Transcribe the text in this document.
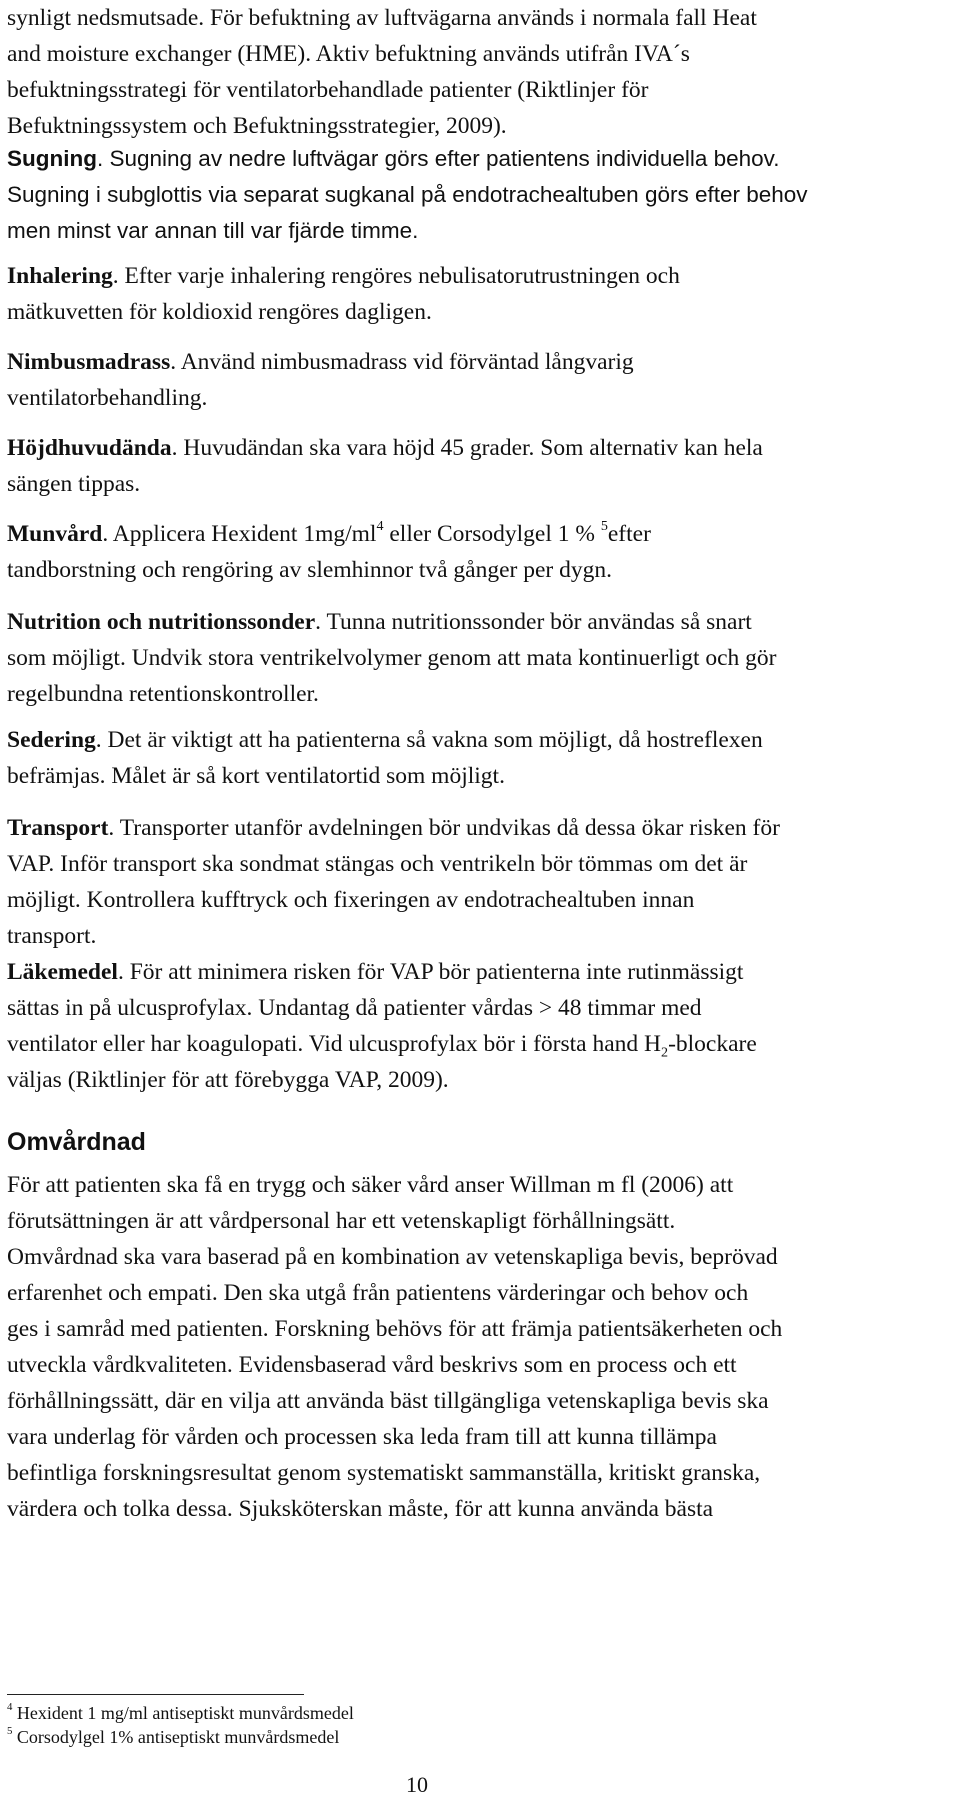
synligt nedsmutsade. För befuktning av luftvägarna används i normala fall Heat
and moisture exchanger (HME). Aktiv befuktning används utifrån IVA´s
befuktningsstrategi för ventilatorbehandlade patienter (Riktlinjer för
Befuktningssystem och Befuktningsstrategier, 2009).
Sugning. Sugning av nedre luftvägar görs efter patientens individuella behov.
Sugning i subglottis via separat sugkanal på endotrachealtuben görs efter behov
men minst var annan till var fjärde timme.
Inhalering. Efter varje inhalering rengöres nebulisatorutrustningen och
mätkuvetten för koldioxid rengöres dagligen.
Nimbusmadrass. Använd nimbusmadrass vid förväntad långvarig
ventilatorbehandling.
Höjdhuvudända. Huvudändan ska vara höjd 45 grader. Som alternativ kan hela
sängen tippas.
Munvård. Applicera Hexident $1mg/ml^4$ eller Corsodylgel 1 % $^5$efter
tandborstning och rengöring av slemhinnor två gånger per dygn.
Nutrition och nutritionssonder. Tunna nutritionssonder bör användas så snart
som möjligt. Undvik stora ventrikelvolymer genom att mata kontinuerligt och gör
regelbundna retentionskontroller.
Sedering. Det är viktigt att ha patienterna så vakna som möjligt, då hostreflexen
befrämjas. Målet är så kort ventilatortid som möjligt.
Transport. Transporter utanför avdelningen bör undvikas då dessa ökar risken för
VAP. Inför transport ska sondmat stängas och ventrikeln bör tömmas om det är
möjligt. Kontrollera kufftryck och fixeringen av endotrachealtuben innan
transport.
Läkemedel. För att minimera risken för VAP bör patienterna inte rutinmässigt
sättas in på ulcusprofylax. Undantag då patienter vårdas > 48 timmar med
ventilator eller har koagulopati. Vid ulcusprofylax bör i första hand $H_2$-blockare
väljas (Riktlinjer för att förebygga VAP, 2009).
Omvårdnad
För att patienten ska få en trygg och säker vård anser Willman m fl (2006) att
förutsättningen är att vårdpersonal har ett vetenskapligt förhållningsätt.
Omvårdnad ska vara baserad på en kombination av vetenskapliga bevis, beprövad
erfarenhet och empati. Den ska utgå från patientens värderingar och behov och
ges i samråd med patienten. Forskning behövs för att främja patientsäkerheten och
utveckla vårdkvaliteten. Evidensbaserad vård beskrivs som en process och ett
förhållningssätt, där en vilja att använda bäst tillgängliga vetenskapliga bevis ska
vara underlag för vården och processen ska leda fram till att kunna tillämpa
befintliga forskningsresultat genom systematiskt sammanställa, kritiskt granska,
värdera och tolka dessa. Sjuksköterskan måste, för att kunna använda bästa
$^4$ Hexident 1 mg/ml antiseptiskt munvårdsmedel
$^5$ Corsodylgel 1% antiseptiskt munvårdsmedel
10
